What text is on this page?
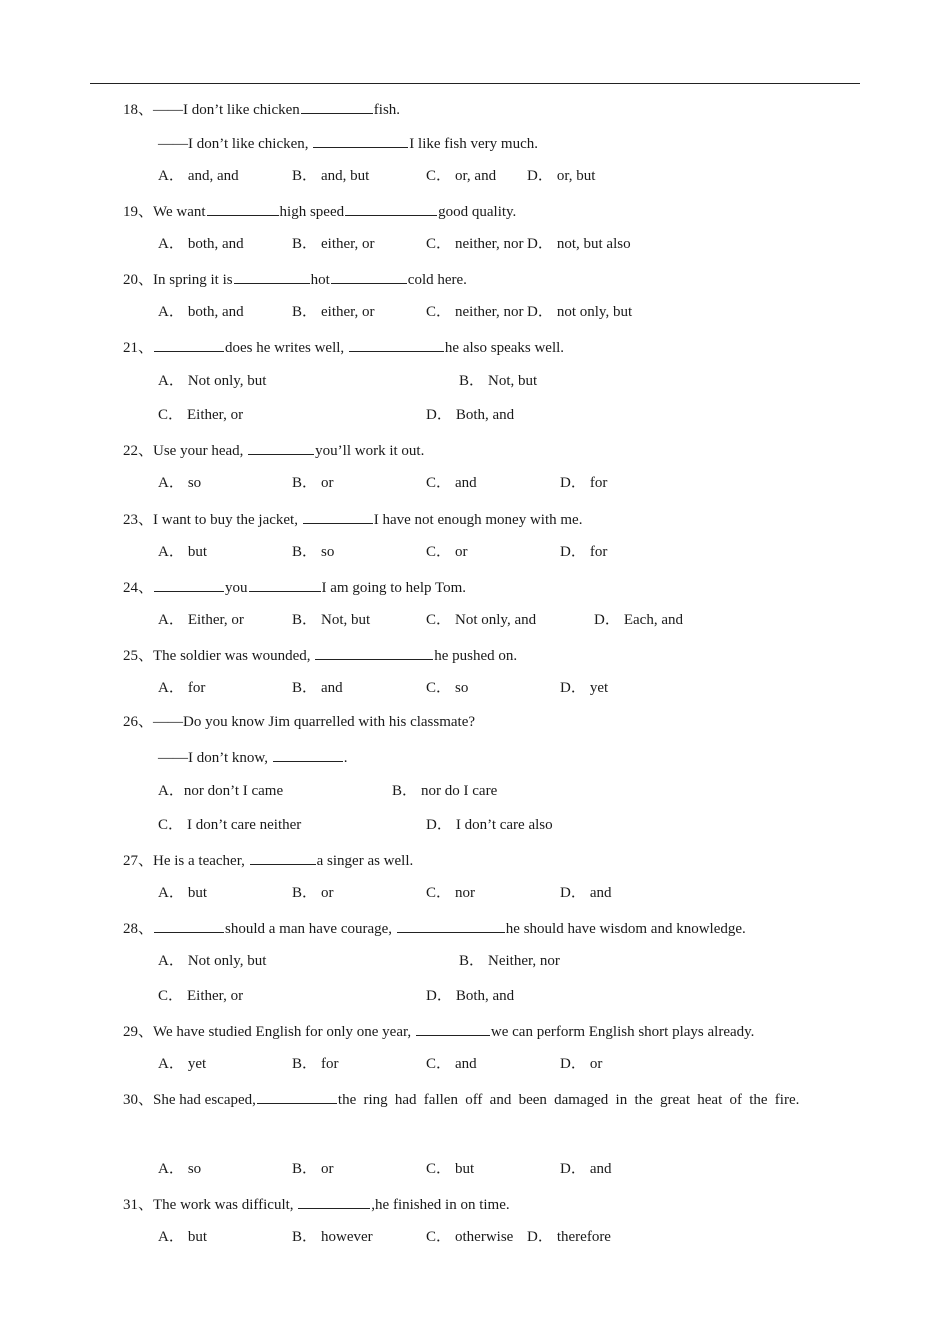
18、——I don’t like chicken	fish.
——I don’t like chicken,	I like fish very much.
A． and, and	B． and, but	C． or, and D． or, but
19、We want	high speed	good quality.
A． both, and	B． either, or	C． neither, nor D． not, but also
20、In spring it is	hot	cold here.
A． both, and	B． either, or	C． neither, nor D． not only, but
21、	does he writes well,	he also speaks well.
A． Not only, but	B． Not, but
C． Either, or	D． Both, and
22、Use your head,	you’ll work it out.
A． so	B． or	C． and	D． for
23、I want to buy the jacket,	I have not enough money with me.
A． but	B． so	C． or	D． for
24、	you	I am going to help Tom.
A． Either, or	B． Not, but	C． Not only, and	D． Each, and
25、The soldier was wounded,	he pushed on.
A． for	B． and	C． so	D． yet
26、——Do you know Jim quarrelled with his classmate?
——I don’t know,	.
A．nor don’t I came	B． nor do I care
C． I don’t care neither	D． I don’t care also
27、He is a teacher,	a singer as well.
A． but	B． or	C． nor	D． and
28、	should a man have courage,	he should have wisdom and knowledge.
A． Not only, but	B． Neither, nor
C． Either, or	D． Both, and
29、We have studied English for only one year,	we can perform English short plays already.
A． yet	B． for	C． and	D． or
30、 She had escaped,	the ring had fallen off and been damaged in the great heat of the fire.
A． so	B． or	C． but	D． and
31、The work was difficult,	,he finished in on time.
A． but	B． however	C． otherwise D． therefore
